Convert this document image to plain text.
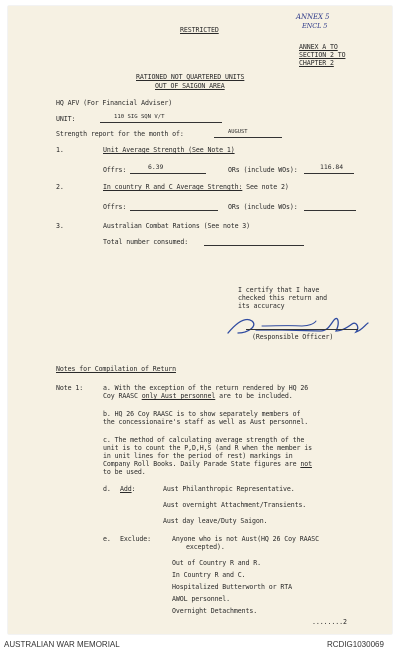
RESTRICTED
ANNEX 5
ENCL 5
ANNEX A TO
SECTION 2 TO
CHAPTER 2
RATIONED NOT QUARTERED UNITS
OUT OF SAIGON AREA
HQ AFV (For Financial Adviser)
UNIT:	110 SIG SQN V/T
Strength report for the month of:	AUGUST
1.	Unit Average Strength (See Note 1)
Offrs:	6.39	ORs (include WOs):	116.84
2.	In country R and C Average Strength: See note 2)
Offrs:	ORs (include WOs):
3.	Australian Combat Rations (See note 3)
Total number consumed:
I certify that I have
checked this return and
its accuracy
(Responsible Officer)
Notes for Compilation of Return
Note 1:	a. With the exception of the return rendered by HQ 26
Coy RAASC only Aust personnel are to be included.
b. HQ 26 Coy RAASC is to show separately members of
the concessionaire's staff as well as Aust personnel.
c. The method of calculating average strength of the
unit is to count the P,D,H,S (and R when the member is
in unit lines for the period of rest) markings in
Company Roll Books. Daily Parade State figures are not
to be used.
d. Add:	Aust Philanthropic Representative.
Aust overnight Attachment/Transients.
Aust day leave/Duty Saigon.
e. Exclude:	Anyone who is not Aust(HQ 26 Coy RAASC
excepted).
Out of Country R and R.
In Country R and C.
Hospitalized Butterworth or RTA
AWOL personnel.
Overnight Detachments.
........2
AUSTRALIAN WAR MEMORIAL	RCDIG1030069
